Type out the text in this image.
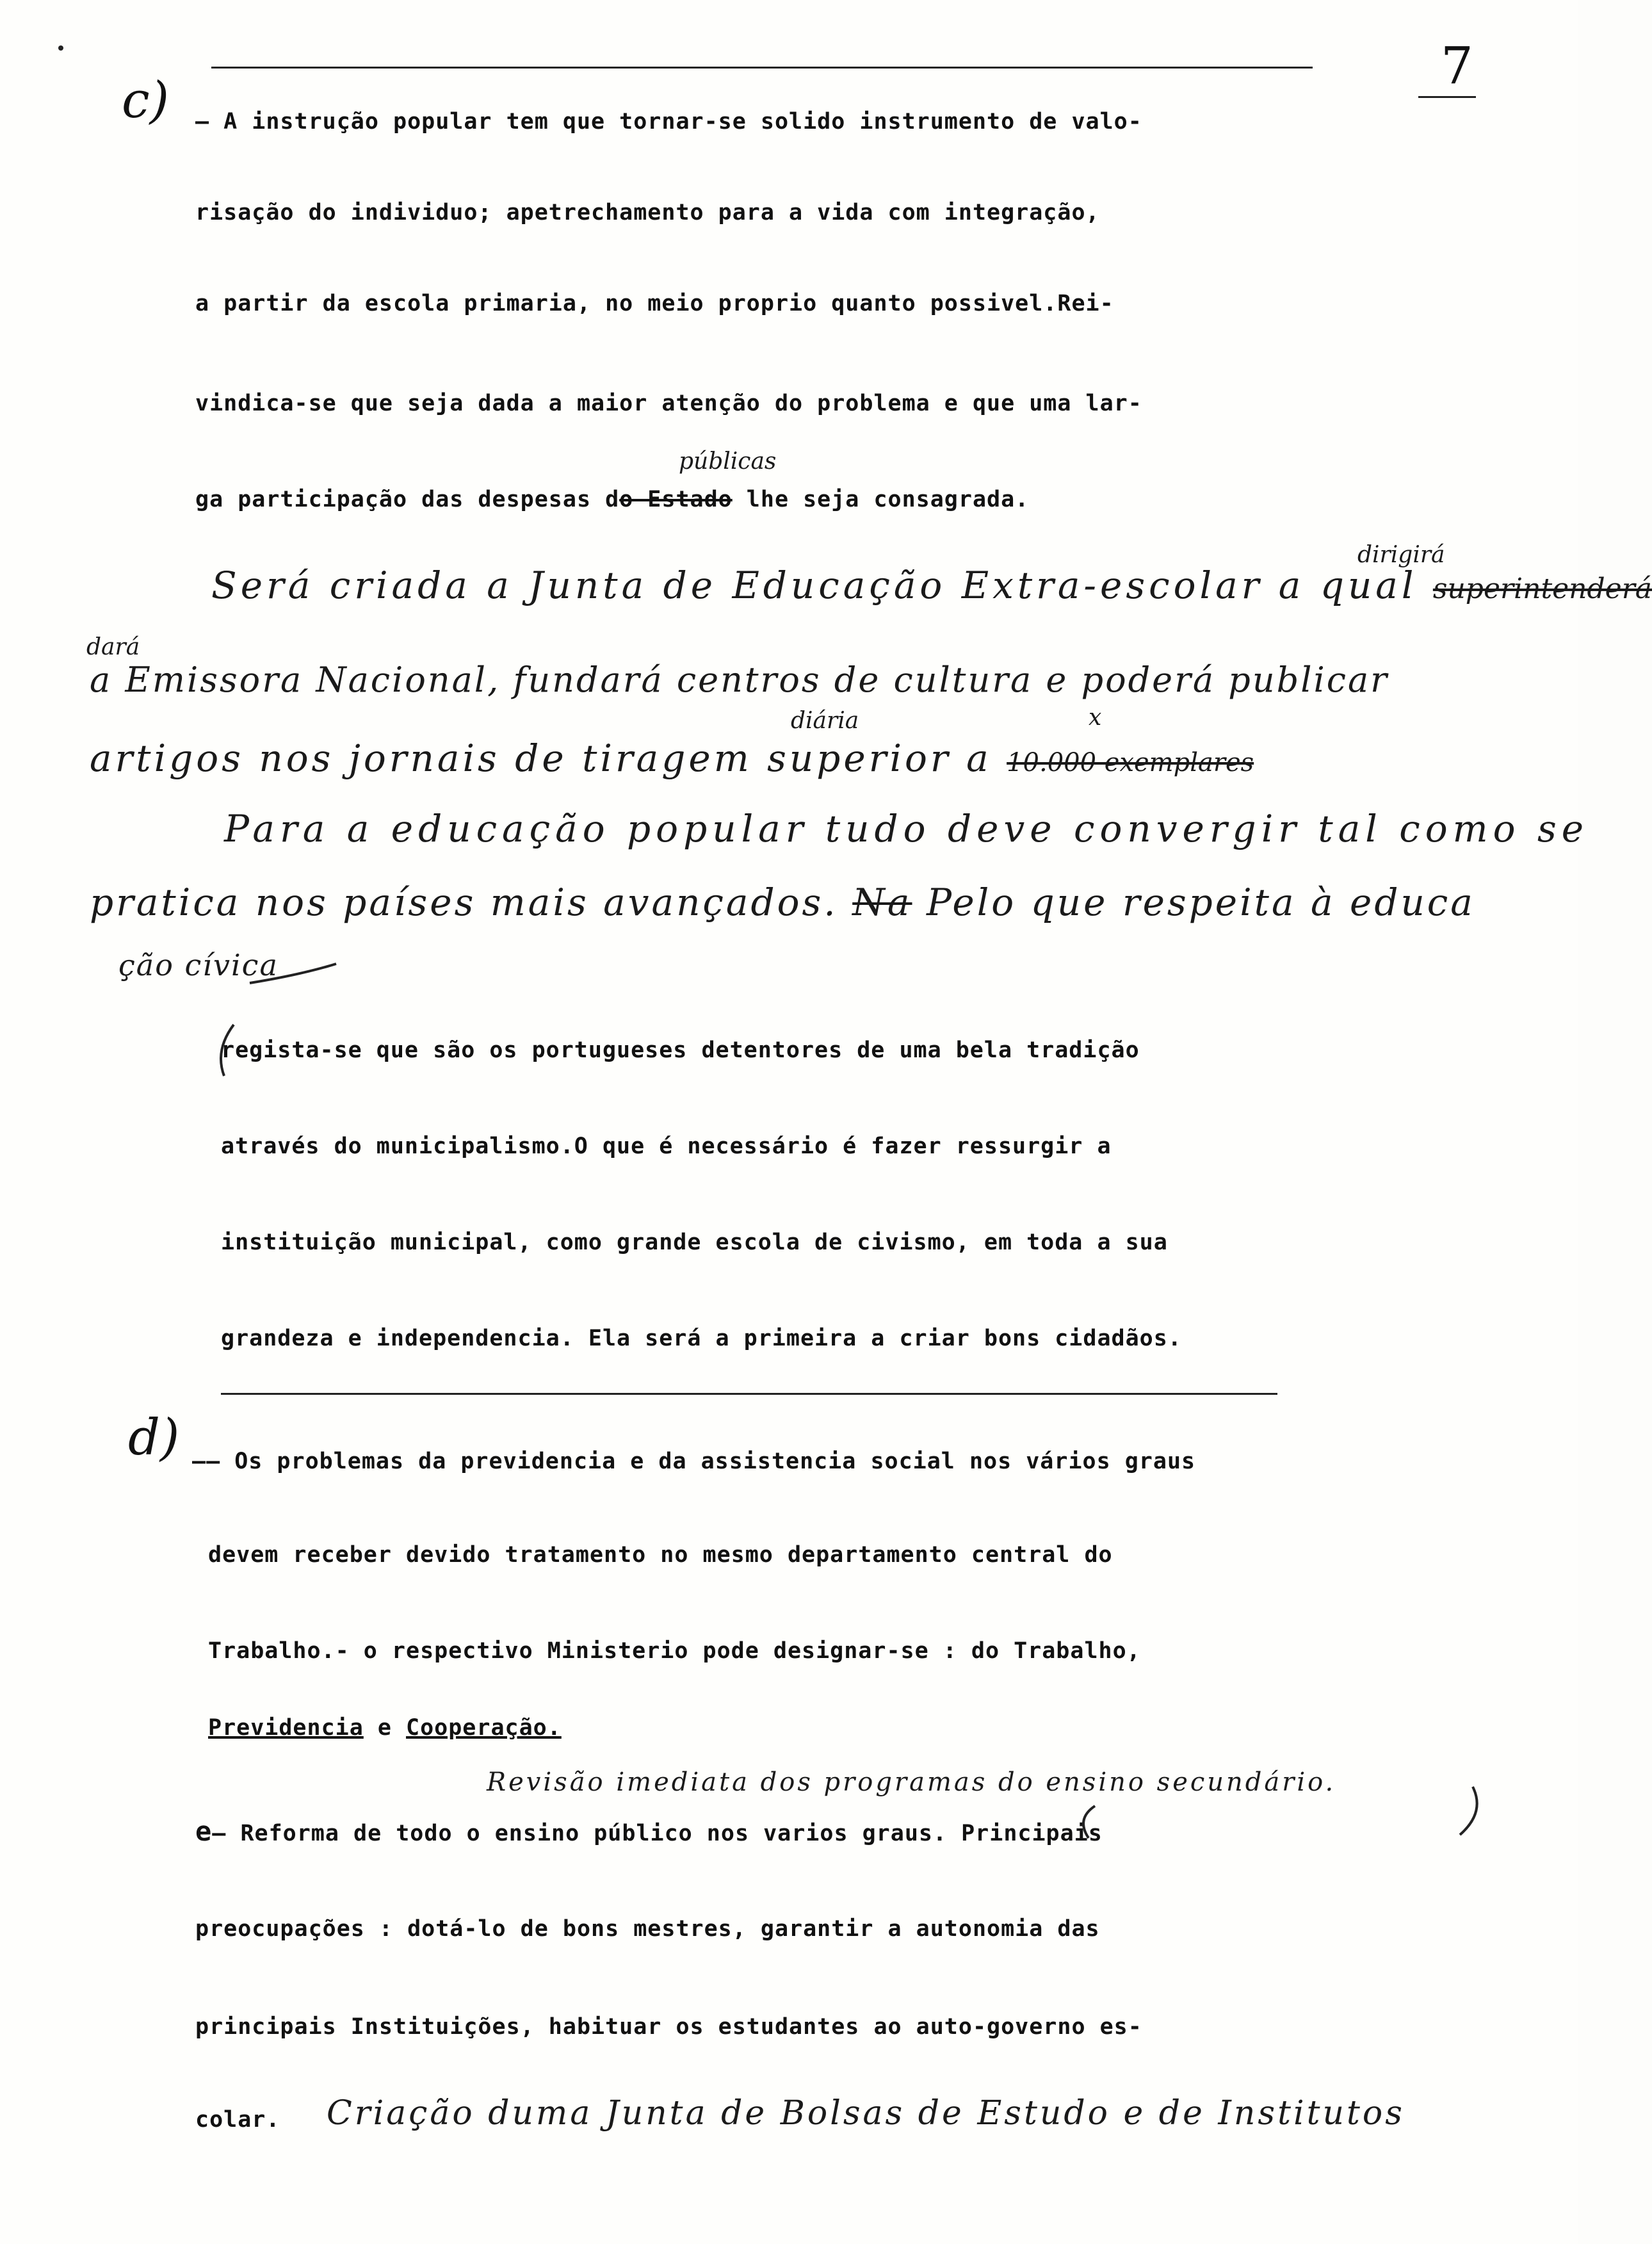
7
c) — A instrução popular tem que tornar-se solido instrumento de valo-
risação do individuo; apetrechamento para a vida com integração,
a partir da escola primaria, no meio proprio quanto possivel.Rei-
vindica-se que seja dada a maior atenção do problema e que uma lar-
públicas
ga participação das despesas do Estado lhe seja consagrada.
dirigirá
Será criada a Junta de Educação Extra-escolar a qual superintenderá
dará
a Emissora Nacional, fundará centros de cultura e poderá publicar
diária	x
artigos nos jornais de tiragem superior a 10.000 exemplares
Para a educação popular tudo deve convergir tal como se
pratica nos países mais avançados. Na Pelo que respeita à educa
ção cívica
regista-se que são os portugueses detentores de uma bela tradição
através do municipalismo.O que é necessário é fazer ressurgir a
instituição municipal, como grande escola de civismo, em toda a sua
grandeza e independencia. Ela será a primeira a criar bons cidadãos.
d) —— Os problemas da previdencia e da assistencia social nos vários graus
devem receber devido tratamento no mesmo departamento central do
Trabalho.- o respectivo Ministerio pode designar-se : do Trabalho,
Previdencia e Cooperação.
Revisão imediata dos programas do ensino secundário.
e— Reforma de todo o ensino público nos varios graus. Principais
preocupações : dotá-lo de bons mestres, garantir a autonomia das
principais Instituições, habituar os estudantes ao auto-governo es-
colar. Criação duma Junta de Bolsas de Estudo e de Institutos
